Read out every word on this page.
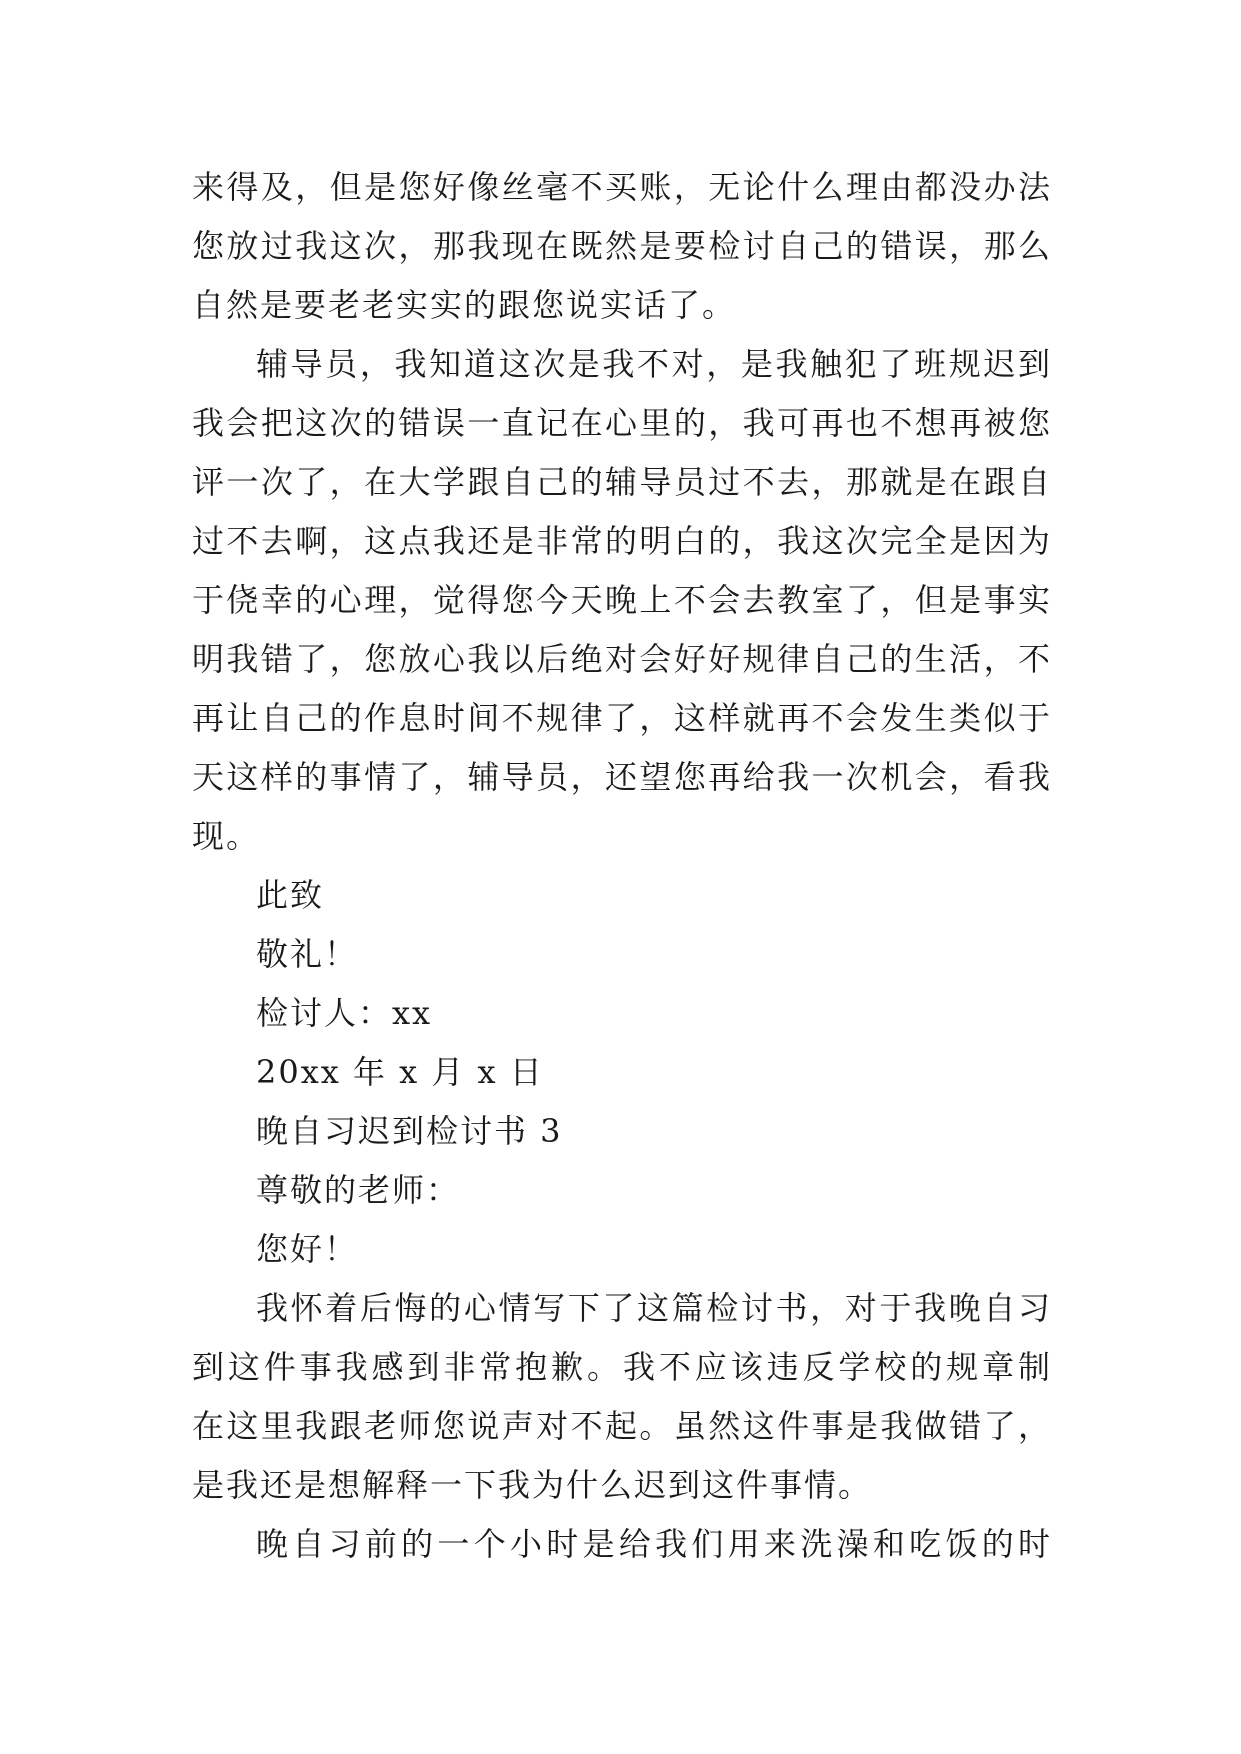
来得及，但是您好像丝毫不买账，无论什么理由都没办法
您放过我这次，那我现在既然是要检讨自己的错误，那么
自然是要老老实实的跟您说实话了。
辅导员，我知道这次是我不对，是我触犯了班规迟到
我会把这次的错误一直记在心里的，我可再也不想再被您
评一次了，在大学跟自己的辅导员过不去，那就是在跟自
过不去啊，这点我还是非常的明白的，我这次完全是因为
于侥幸的心理，觉得您今天晚上不会去教室了，但是事实
明我错了，您放心我以后绝对会好好规律自己的生活，不
再让自己的作息时间不规律了，这样就再不会发生类似于
天这样的事情了，辅导员，还望您再给我一次机会，看我
现。
此致
敬礼！
检讨人：xx
20xx 年 x 月 x 日
晚自习迟到检讨书 3
尊敬的老师：
您好！
我怀着后悔的心情写下了这篇检讨书，对于我晚自习
到这件事我感到非常抱歉。我不应该违反学校的规章制
在这里我跟老师您说声对不起。虽然这件事是我做错了，
是我还是想解释一下我为什么迟到这件事情。
晚自习前的一个小时是给我们用来洗澡和吃饭的时
